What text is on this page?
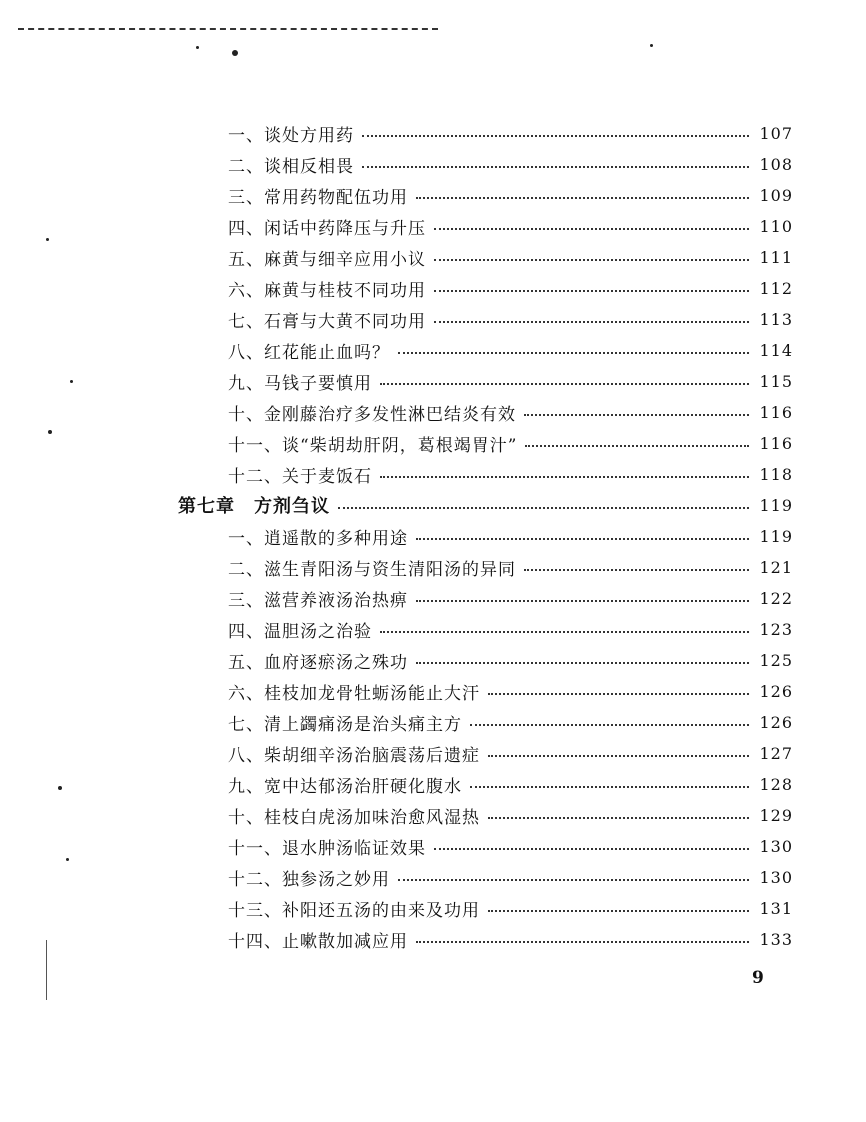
一、谈处方用药	107
二、谈相反相畏	108
三、常用药物配伍功用	109
四、闲话中药降压与升压	110
五、麻黄与细辛应用小议	111
六、麻黄与桂枝不同功用	112
七、石膏与大黄不同功用	113
八、红花能止血吗？	114
九、马钱子要慎用	115
十、金刚藤治疗多发性淋巴结炎有效	116
十一、谈“柴胡劫肝阴，葛根竭胃汁”	116
十二、关于麦饭石	118
第七章　方剂刍议	119
一、逍遥散的多种用途	119
二、滋生青阳汤与资生清阳汤的异同	121
三、滋营养液汤治热痹	122
四、温胆汤之治验	123
五、血府逐瘀汤之殊功	125
六、桂枝加龙骨牡蛎汤能止大汗	126
七、清上蠲痛汤是治头痛主方	126
八、柴胡细辛汤治脑震荡后遗症	127
九、宽中达郁汤治肝硬化腹水	128
十、桂枝白虎汤加味治愈风湿热	129
十一、退水肿汤临证效果	130
十二、独参汤之妙用	130
十三、补阳还五汤的由来及功用	131
十四、止嗽散加减应用	133
9
